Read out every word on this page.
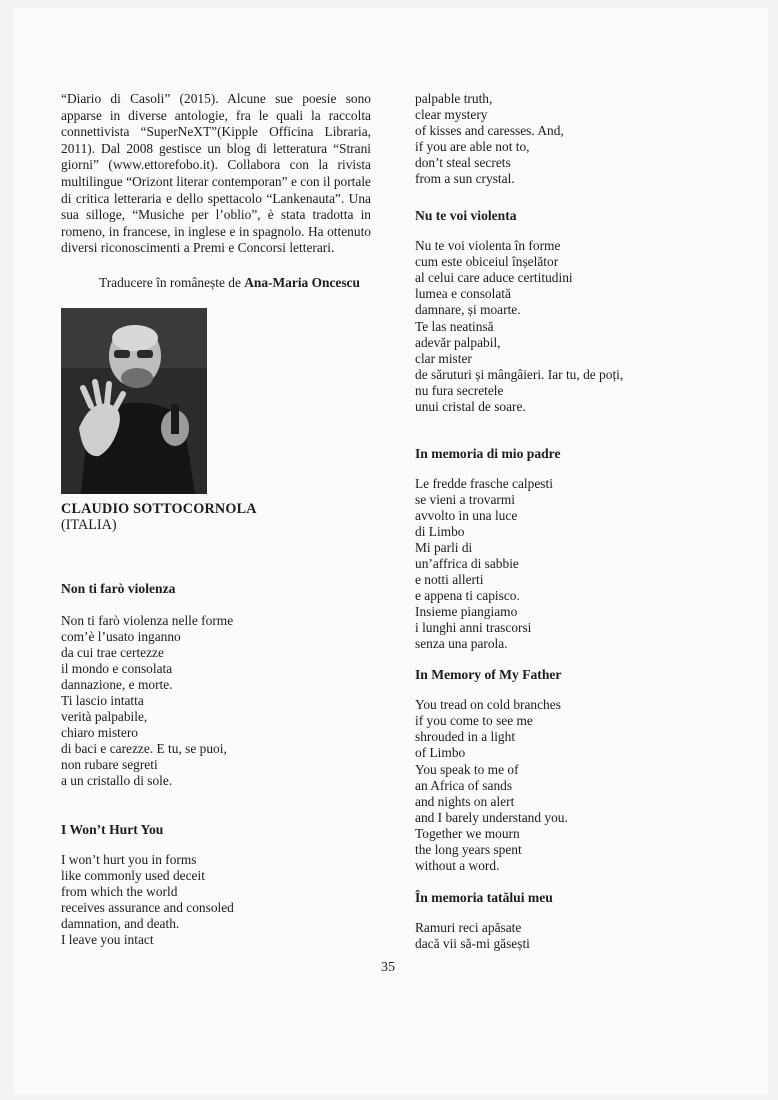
“Diario di Casoli” (2015). Alcune sue poesie sono apparse in diverse antologie, fra le quali la raccolta connettivista “SuperNeXT”(Kipple Officina Libraria, 2011). Dal 2008 gestisce un blog di letteratura “Strani giorni” (www.ettorefobo.it). Collabora con la rivista multilingue “Orizont literar contemporan” e con il portale di critica letteraria e dello spettacolo “Lankenauta”. Una sua silloge, “Musiche per l’oblio”, è stata tradotta in romeno, in francese, in inglese e in spagnolo. Ha ottenuto diversi riconoscimenti a Premi e Concorsi letterari.

Traducere în românește de Ana-Maria Oncescu
CLAUDIO SOTTOCORNOLA
(ITALIA)

Non ti farò violenza

Non ti farò violenza nelle forme
com’è l’usato inganno
da cui trae certezze
il mondo e consolata
dannazione, e morte.
Ti lascio intatta
verità palpabile,
chiaro mistero
di baci e carezze. E tu, se puoi,
non rubare segreti
a un cristallo di sole.

I Won’t Hurt You

I won’t hurt you in forms
like commonly used deceit
from which the world
receives assurance and consoled
damnation, and death.
I leave you intact
palpable truth,
clear mystery
of kisses and caresses. And,
if you are able not to,
don’t steal secrets
from a sun crystal.

Nu te voi violenta

Nu te voi violenta în forme
cum este obiceiul înșelător
al celui care aduce certitudini
lumea e consolată
damnare, și moarte.
Te las neatinsă
adevăr palpabil,
clar mister
de săruturi și mângâieri. Iar tu, de poți,
nu fura secretele
unui cristal de soare.

In memoria di mio padre

Le fredde frasche calpesti
se vieni a trovarmi
avvolto in una luce
di Limbo
Mi parli di
un’affrica di sabbie
e notti allerti
e appena ti capisco.
Insieme piangiamo
i lunghi anni trascorsi
senza una parola.

In Memory of My Father

You tread on cold branches
if you come to see me
shrouded in a light
of Limbo
You speak to me of
an Africa of sands
and nights on alert
and I barely understand you.
Together we mourn
the long years spent
without a word.

În memoria tatălui meu

Ramuri reci apăsate
dacă vii să-mi găsești
35
